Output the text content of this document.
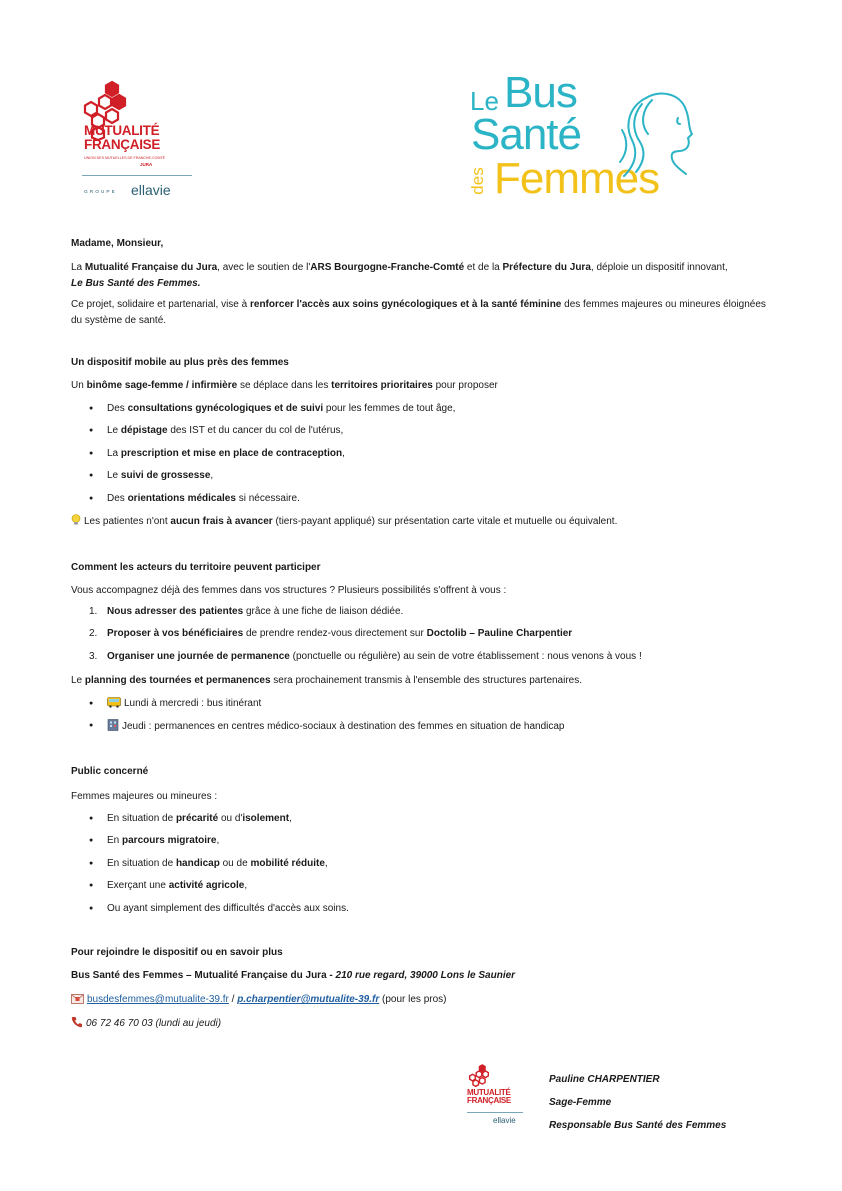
MUTUALITÉ
FRANÇAISE
UNION DES MUTUELLES DE FRANCHE-COMTÉ
JURA
GROUPE ellavie
Le Bus
Santé
des Femmes

Madame, Monsieur,

La Mutualité Française du Jura, avec le soutien de l'ARS Bourgogne-Franche-Comté et de la Préfecture du Jura, déploie un dispositif innovant,
Le Bus Santé des Femmes.

Ce projet, solidaire et partenarial, vise à renforcer l'accès aux soins gynécologiques et à la santé féminine des femmes majeures ou mineures éloignées du système de santé.

Un dispositif mobile au plus près des femmes

Un binôme sage-femme / infirmière se déplace dans les territoires prioritaires pour proposer

● Des consultations gynécologiques et de suivi pour les femmes de tout âge,
● Le dépistage des IST et du cancer du col de l'utérus,
● La prescription et mise en place de contraception,
● Le suivi de grossesse,
● Des orientations médicales si nécessaire.

Les patientes n'ont aucun frais à avancer (tiers-payant appliqué) sur présentation carte vitale et mutuelle ou équivalent.

Comment les acteurs du territoire peuvent participer

Vous accompagnez déjà des femmes dans vos structures ? Plusieurs possibilités s'offrent à vous :

1. Nous adresser des patientes grâce à une fiche de liaison dédiée.
2. Proposer à vos bénéficiaires de prendre rendez-vous directement sur Doctolib – Pauline Charpentier
3. Organiser une journée de permanence (ponctuelle ou régulière) au sein de votre établissement : nous venons à vous !

Le planning des tournées et permanences sera prochainement transmis à l'ensemble des structures partenaires.

● Lundi à mercredi : bus itinérant
● Jeudi : permanences en centres médico-sociaux à destination des femmes en situation de handicap

Public concerné

Femmes majeures ou mineures :

● En situation de précarité ou d'isolement,
● En parcours migratoire,
● En situation de handicap ou de mobilité réduite,
● Exerçant une activité agricole,
● Ou ayant simplement des difficultés d'accès aux soins.

Pour rejoindre le dispositif ou en savoir plus

Bus Santé des Femmes – Mutualité Française du Jura - 210 rue regard, 39000 Lons le Saunier

busdesfemmes@mutualite-39.fr / p.charpentier@mutualite-39.fr (pour les pros)

06 72 46 70 03 (lundi au jeudi)

MUTUALITÉ
FRANÇAISE
ellavie

Pauline CHARPENTIER

Sage-Femme

Responsable Bus Santé des Femmes
